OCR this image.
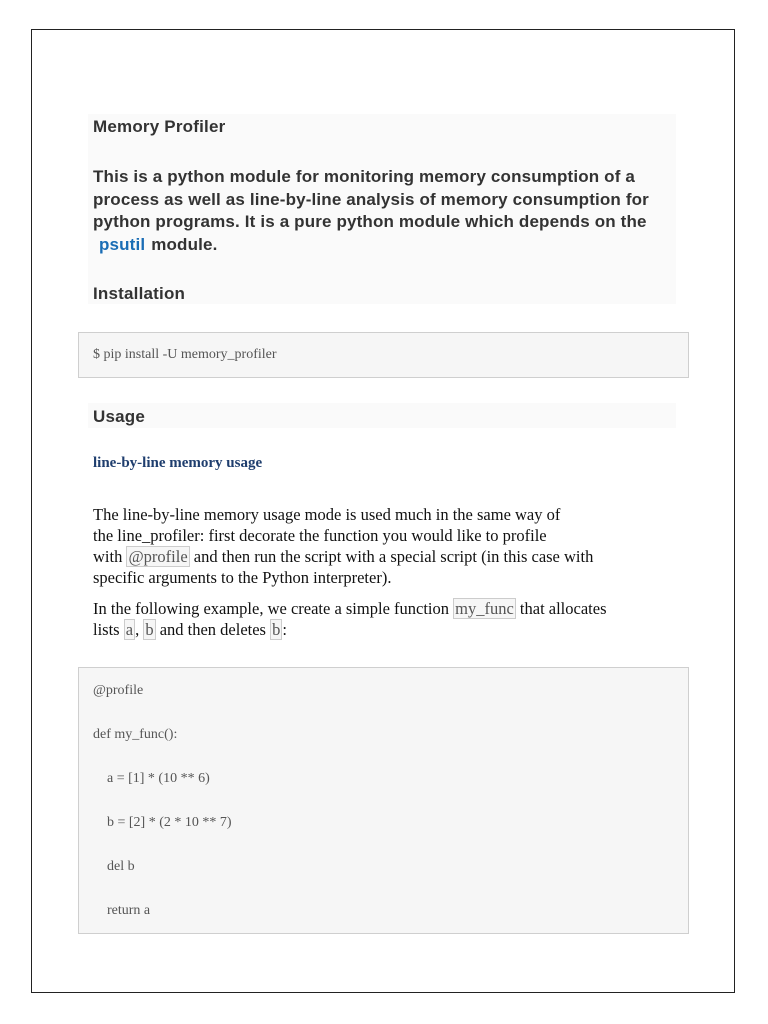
Memory Profiler

This is a python module for monitoring memory consumption of a process as well as line-by-line analysis of memory consumption for python programs. It is a pure python module which depends on the psutil module.

Installation
$ pip install -U memory_profiler
Usage
line-by-line memory usage
The line-by-line memory usage mode is used much in the same way of
the line_profiler: first decorate the function you would like to profile
with @profile and then run the script with a special script (in this case with
specific arguments to the Python interpreter).
In the following example, we create a simple function my_func that allocates
lists a , b and then deletes b :
@profile
def my_func():
a = [1] * (10 ** 6)
b = [2] * (2 * 10 ** 7)
del b
return a
